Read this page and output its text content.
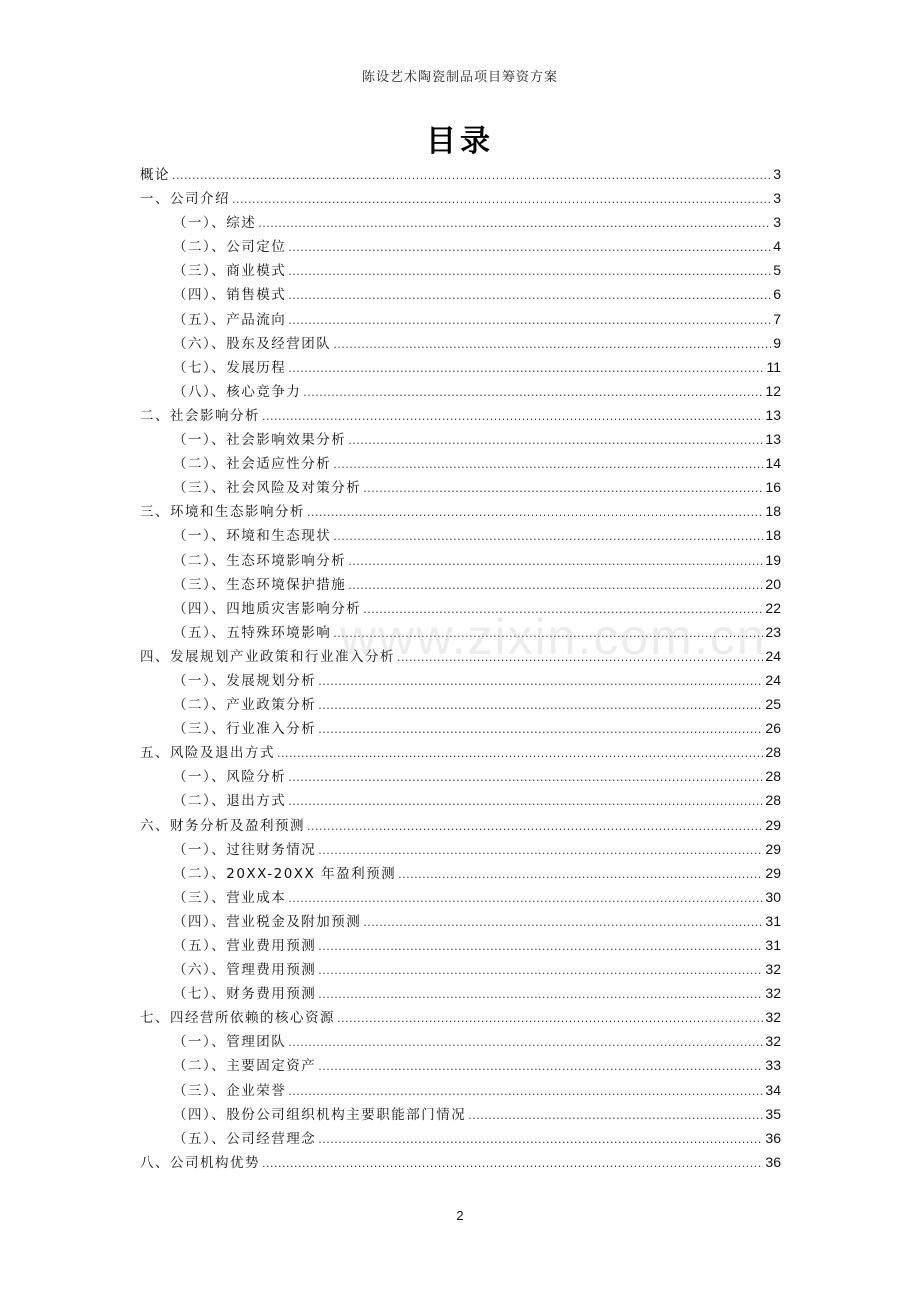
陈设艺术陶瓷制品项目筹资方案
目录
概论 .....	3
一、公司介绍 .....	3
（一）、综述 .....	3
（二）、公司定位 .....	4
（三）、商业模式 .....	5
（四）、销售模式 .....	6
（五）、产品流向 .....	7
（六）、股东及经营团队 .....	9
（七）、发展历程 .....	11
（八）、核心竞争力 .....	12
二、社会影响分析 .....	13
（一）、社会影响效果分析 .....	13
（二）、社会适应性分析 .....	14
（三）、社会风险及对策分析 .....	16
三、环境和生态影响分析 .....	18
（一）、环境和生态现状 .....	18
（二）、生态环境影响分析 .....	19
（三）、生态环境保护措施 .....	20
（四）、四地质灾害影响分析 .....	22
（五）、五特殊环境影响 .....	23
四、发展规划产业政策和行业准入分析 .....	24
（一）、发展规划分析 .....	24
（二）、产业政策分析 .....	25
（三）、行业准入分析 .....	26
五、风险及退出方式 .....	28
（一）、风险分析 .....	28
（二）、退出方式 .....	28
六、财务分析及盈利预测 .....	29
（一）、过往财务情况 .....	29
（二）、20XX-20XX 年盈利预测 .....	29
（三）、营业成本 .....	30
（四）、营业税金及附加预测 .....	31
（五）、营业费用预测 .....	31
（六）、管理费用预测 .....	32
（七）、财务费用预测 .....	32
七、四经营所依赖的核心资源 .....	32
（一）、管理团队 .....	32
（二）、主要固定资产 .....	33
（三）、企业荣誉 .....	34
（四）、股份公司组织机构主要职能部门情况 .....	35
（五）、公司经营理念 .....	36
八、公司机构优势 .....	36
www.zixin.com.cn
2
